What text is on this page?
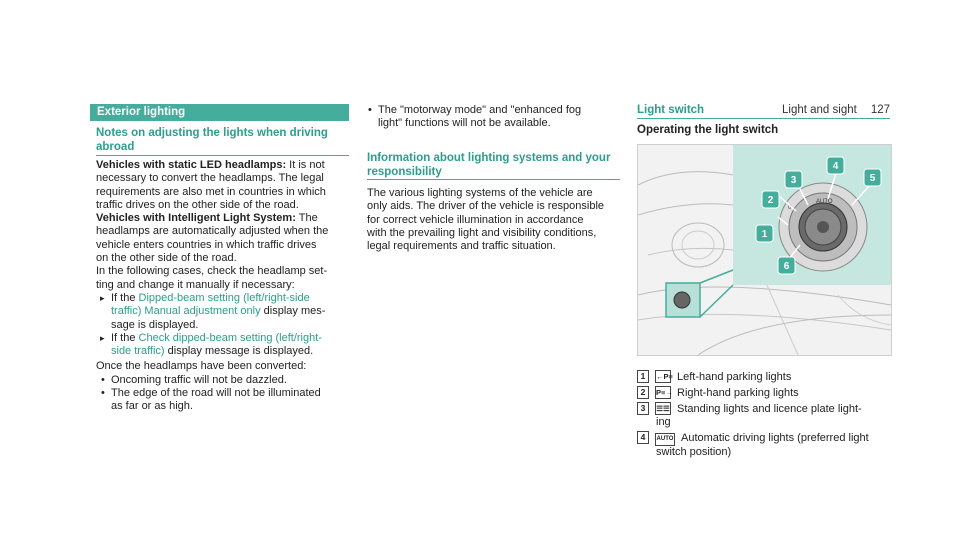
Light and sight 127
Exterior lighting
Notes on adjusting the lights when driving
abroad
Vehicles with static LED headlamps: It is not
necessary to convert the headlamps. The legal
requirements are also met in countries in which
traffic drives on the other side of the road.
Vehicles with Intelligent Light System: The
headlamps are automatically adjusted when the
vehicle enters countries in which traffic drives
on the other side of the road.
In the following cases, check the headlamp set-
ting and change it manually if necessary:
▸ If the Dipped-beam setting (left/right-side
traffic) Manual adjustment only display mes-
sage is displayed.
▸ If the Check dipped-beam setting (left/right-
side traffic) display message is displayed.
Once the headlamps have been converted:
• Oncoming traffic will not be dazzled.
• The edge of the road will not be illuminated
as far or as high.
• The "motorway mode" and "enhanced fog
light" functions will not be available.
Information about lighting systems and your
responsibility
The various lighting systems of the vehicle are
only aids. The driver of the vehicle is responsible
for correct vehicle illumination in accordance
with the prevailing light and visibility conditions,
legal requirements and traffic situation.
Light switch
Operating the light switch
AUTO
0
1
2
3
4
5
6
1 ←P≡ Left-hand parking lights
2 P≡→ Right-hand parking lights
3 ☰☰ Standing lights and licence plate light-
ing
4 AUTO Automatic driving lights (preferred light
switch position)
